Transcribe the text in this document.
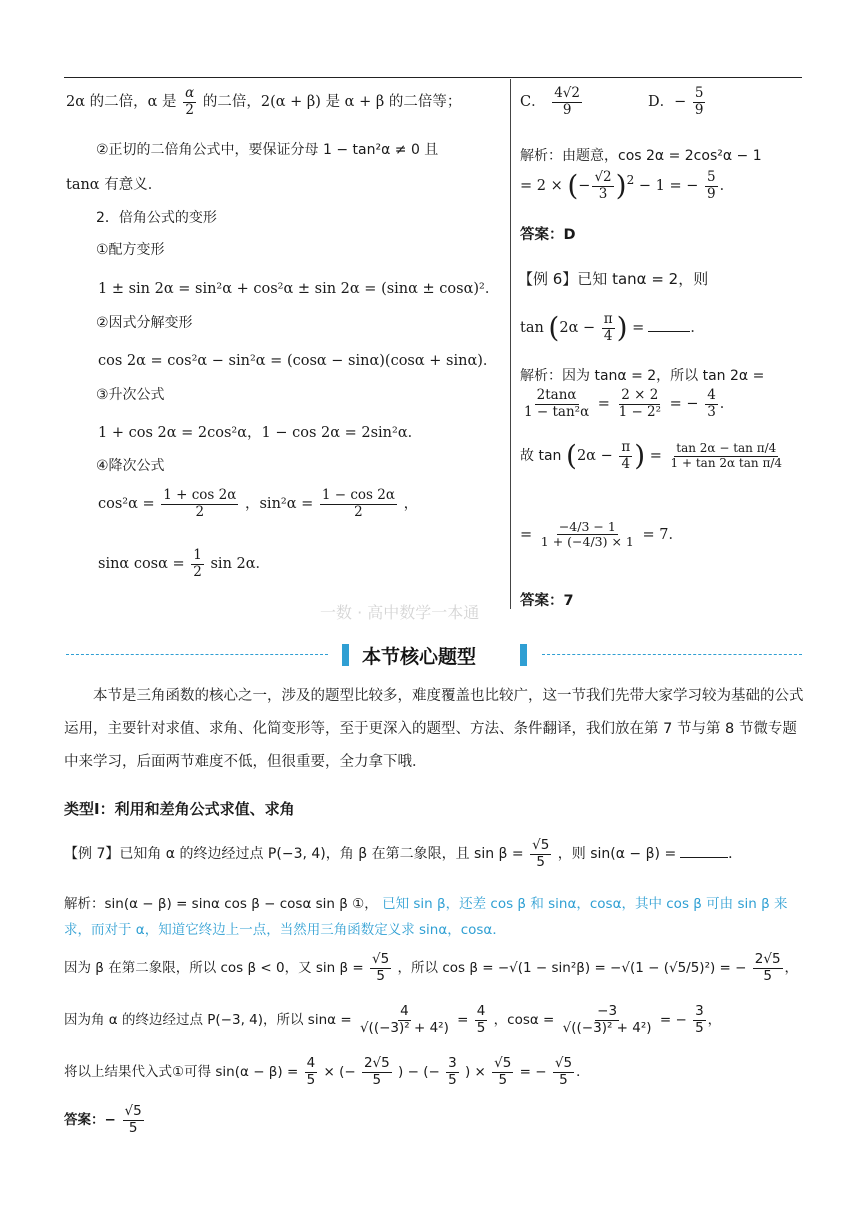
2α 的二倍，α 是 $\frac{\alpha}{2}$ 的二倍，2(α + β) 是 α + β 的二倍等；
②正切的二倍角公式中，要保证分母 1 − tan²α ≠ 0 且
tanα 有意义．
2．倍角公式的变形
①配方变形
1 ± sin 2α = sin²α + cos²α ± sin 2α = (sinα ± cosα)²．
②因式分解变形
cos 2α = cos²α − sin²α = (cosα − sinα)(cosα + sinα)．
③升次公式
1 + cos 2α = 2cos²α，1 − cos 2α = 2sin²α．
④降次公式
$\cos^2\alpha = \frac{1 + \cos 2\alpha}{2}$ ，$\sin^2\alpha = \frac{1 - \cos 2\alpha}{2}$ ，
sinα $\cos\alpha = \frac{1}{2}$ sin 2α．
C． $\frac{4√2}{9}$	D．− $\frac{5}{9}$
解析：由题意，cos 2α = 2cos²α − 1
= 2 × (− $\frac{√2}{3} )^2 - 1$ = − $\frac{5}{9}$ ．
答案：D
【例 6】已知 tanα = 2，则
$\tan (2\alpha - \frac{\pi}{4}$ ) =	．
解析：因为 tanα = 2，所以 tan 2α =
$\frac{2\tan\alpha}{\text{1 − tan²α}} = \frac{2 \times 2}{\text{1 − 2²}}$ = − $\frac{4}{3}$ ．
故 $\tan (2\alpha - \frac{\pi}{4}$ ) = $\frac{\text{tan 2α − tan π/4}}{\text{1 + tan 2α tan π/4}}$
= $\frac{-4/3 - 1}{1 + (-4/3) \times 1} = 7$．
答案：7
一数 · 高中数学一本通
本节核心题型
本节是三角函数的核心之一，涉及的题型比较多，难度覆盖也比较广，这一节我们先带大家学习较为基础的公式运用，主要针对求值、求角、化简变形等，至于更深入的题型、方法、条件翻译，我们放在第 7 节与第 8 节微专题中来学习，后面两节难度不低，但很重要，全力拿下哦．
类型Ⅰ：利用和差角公式求值、求角
【例 7】已知角 α 的终边经过点 P(−3, 4)，角 β 在第二象限，且 $\sin \beta = \frac{√5}{5}$ ，则 sin(α − β) =	．
解析：sin(α − β) = sinα cos β − cosα sin β ①， 已知 sin β，还差 cos β 和 sinα，cosα，其中 cos β 可由 sin β 来
求，而对于 α，知道它终边上一点，当然用三角函数定义求 sinα，cosα．
因为 β 在第二象限，所以 cos β < 0，又 $\sin \beta = \frac{√5}{5}$ ，所以 cos β = −√(1 − sin²β) = −√(1 − (√5/5)²) = − $\frac{2√5}{5}$ ，
因为角 α 的终边经过点 P(−3, 4)，所以 $\sin\alpha = \frac{4}{\text{√((−3)² + 4²)}} = \frac{4}{5}$ ，$\cos\alpha = \frac{-3}{\text{√((−3)² + 4²)}}$ = − $\frac{3}{5}$ ，
将以上结果代入式①可得 $\sin(\alpha - \beta) = \frac{4}{5}$ × (− $\frac{2√5}{5}$ ) − (− $\frac{3}{5}$ ) × $\frac{√5}{5}$ = − $\frac{√5}{5}$ ．
答案：− $\frac{√5}{5}$
